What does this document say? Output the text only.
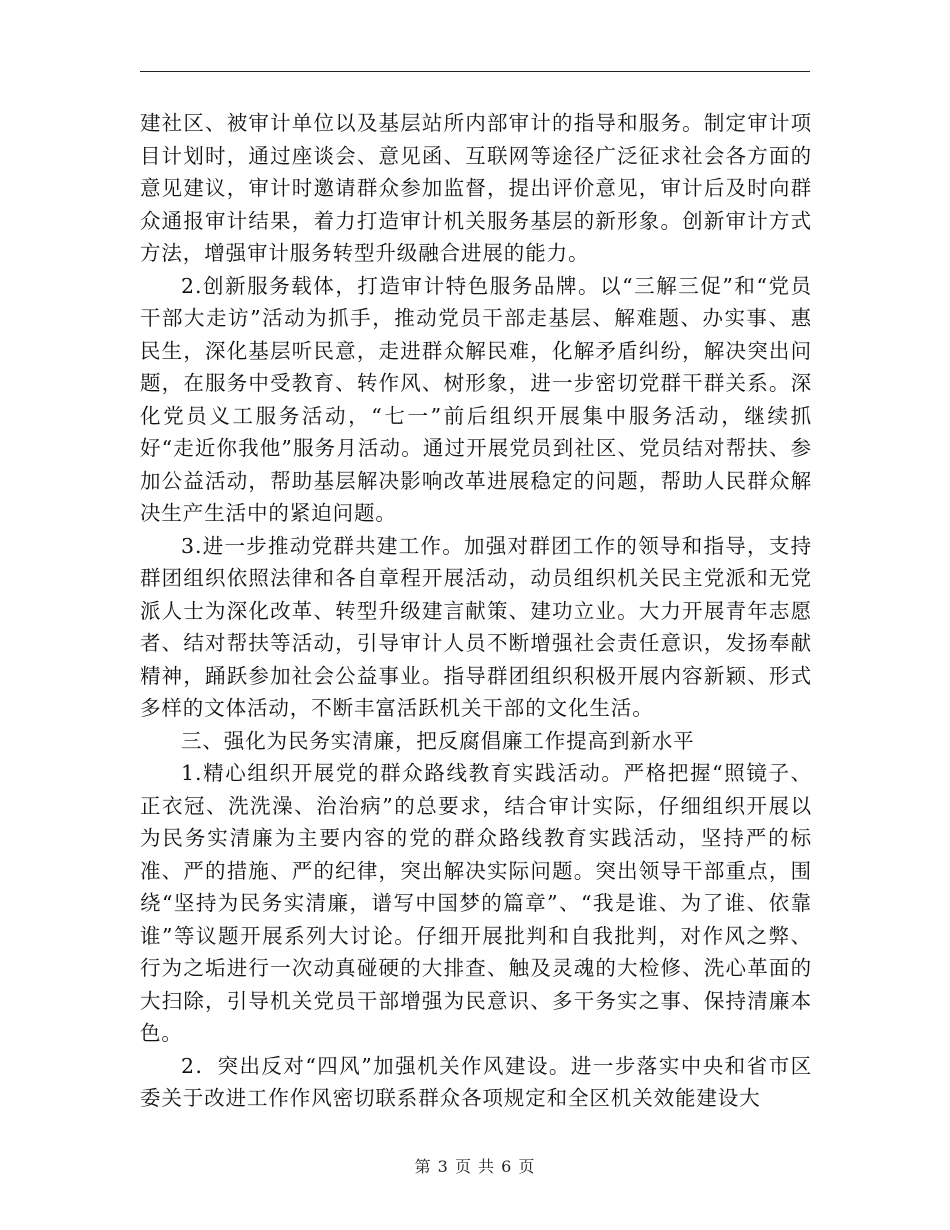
建社区、被审计单位以及基层站所内部审计的指导和服务。制定审计项目计划时，通过座谈会、意见函、互联网等途径广泛征求社会各方面的意见建议，审计时邀请群众参加监督，提出评价意见，审计后及时向群众通报审计结果，着力打造审计机关服务基层的新形象。创新审计方式方法，增强审计服务转型升级融合进展的能力。

2.创新服务载体，打造审计特色服务品牌。以“三解三促”和“党员干部大走访”活动为抓手，推动党员干部走基层、解难题、办实事、惠民生，深化基层听民意，走进群众解民难，化解矛盾纠纷，解决突出问题，在服务中受教育、转作风、树形象，进一步密切党群干群关系。深化党员义工服务活动，“七一”前后组织开展集中服务活动，继续抓好“走近你我他”服务月活动。通过开展党员到社区、党员结对帮扶、参加公益活动，帮助基层解决影响改革进展稳定的问题，帮助人民群众解决生产生活中的紧迫问题。

3.进一步推动党群共建工作。加强对群团工作的领导和指导，支持群团组织依照法律和各自章程开展活动，动员组织机关民主党派和无党派人士为深化改革、转型升级建言献策、建功立业。大力开展青年志愿者、结对帮扶等活动，引导审计人员不断增强社会责任意识，发扬奉献精神，踊跃参加社会公益事业。指导群团组织积极开展内容新颖、形式多样的文体活动，不断丰富活跃机关干部的文化生活。

三、强化为民务实清廉，把反腐倡廉工作提高到新水平

1.精心组织开展党的群众路线教育实践活动。严格把握“照镜子、正衣冠、洗洗澡、治治病”的总要求，结合审计实际，仔细组织开展以为民务实清廉为主要内容的党的群众路线教育实践活动，坚持严的标准、严的措施、严的纪律，突出解决实际问题。突出领导干部重点，围绕“坚持为民务实清廉，谱写中国梦的篇章”、“我是谁、为了谁、依靠谁”等议题开展系列大讨论。仔细开展批判和自我批判，对作风之弊、行为之垢进行一次动真碰硬的大排查、触及灵魂的大检修、洗心革面的大扫除，引导机关党员干部增强为民意识、多干务实之事、保持清廉本色。

2．突出反对“四风”加强机关作风建设。进一步落实中央和省市区委关于改进工作作风密切联系群众各项规定和全区机关效能建设大

第 3 页 共 6 页
